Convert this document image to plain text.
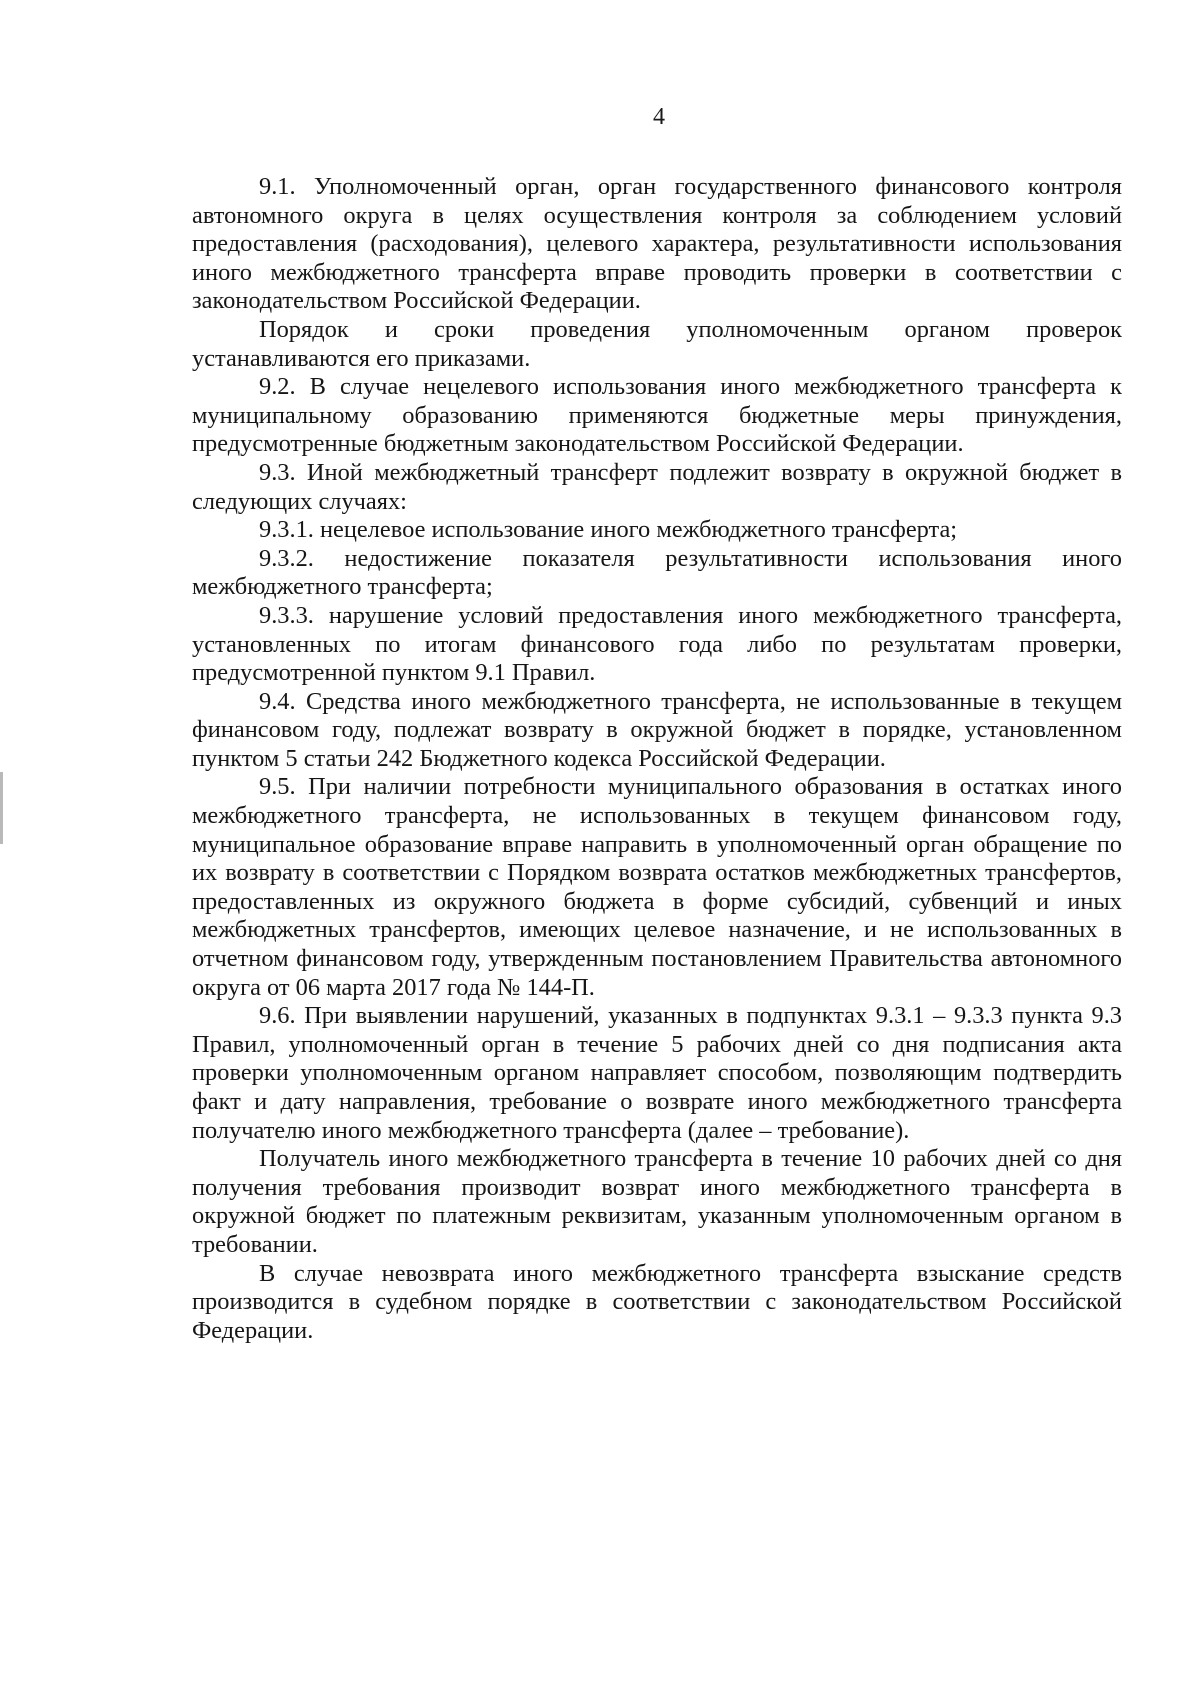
4

9.1. Уполномоченный орган, орган государственного финансового контроля автономного округа в целях осуществления контроля за соблюдением условий предоставления (расходования), целевого характера, результативности использования иного межбюджетного трансферта вправе проводить проверки в соответствии с законодательством Российской Федерации.

Порядок и сроки проведения уполномоченным органом проверок устанавливаются его приказами.

9.2. В случае нецелевого использования иного межбюджетного трансферта к муниципальному образованию применяются бюджетные меры принуждения, предусмотренные бюджетным законодательством Российской Федерации.

9.3. Иной межбюджетный трансферт подлежит возврату в окружной бюджет в следующих случаях:

9.3.1. нецелевое использование иного межбюджетного трансферта;

9.3.2. недостижение показателя результативности использования иного межбюджетного трансферта;

9.3.3. нарушение условий предоставления иного межбюджетного трансферта, установленных по итогам финансового года либо по результатам проверки, предусмотренной пунктом 9.1 Правил.

9.4. Средства иного межбюджетного трансферта, не использованные в текущем финансовом году, подлежат возврату в окружной бюджет в порядке, установленном пунктом 5 статьи 242 Бюджетного кодекса Российской Федерации.

9.5. При наличии потребности муниципального образования в остатках иного межбюджетного трансферта, не использованных в текущем финансовом году, муниципальное образование вправе направить в уполномоченный орган обращение по их возврату в соответствии с Порядком возврата остатков межбюджетных трансфертов, предоставленных из окружного бюджета в форме субсидий, субвенций и иных межбюджетных трансфертов, имеющих целевое назначение, и не использованных в отчетном финансовом году, утвержденным постановлением Правительства автономного округа от 06 марта 2017 года № 144-П.

9.6. При выявлении нарушений, указанных в подпунктах 9.3.1 – 9.3.3 пункта 9.3 Правил, уполномоченный орган в течение 5 рабочих дней со дня подписания акта проверки уполномоченным органом направляет способом, позволяющим подтвердить факт и дату направления, требование о возврате иного межбюджетного трансферта получателю иного межбюджетного трансферта (далее – требование).

Получатель иного межбюджетного трансферта в течение 10 рабочих дней со дня получения требования производит возврат иного межбюджетного трансферта в окружной бюджет по платежным реквизитам, указанным уполномоченным органом в требовании.

В случае невозврата иного межбюджетного трансферта взыскание средств производится в судебном порядке в соответствии с законодательством Российской Федерации.
